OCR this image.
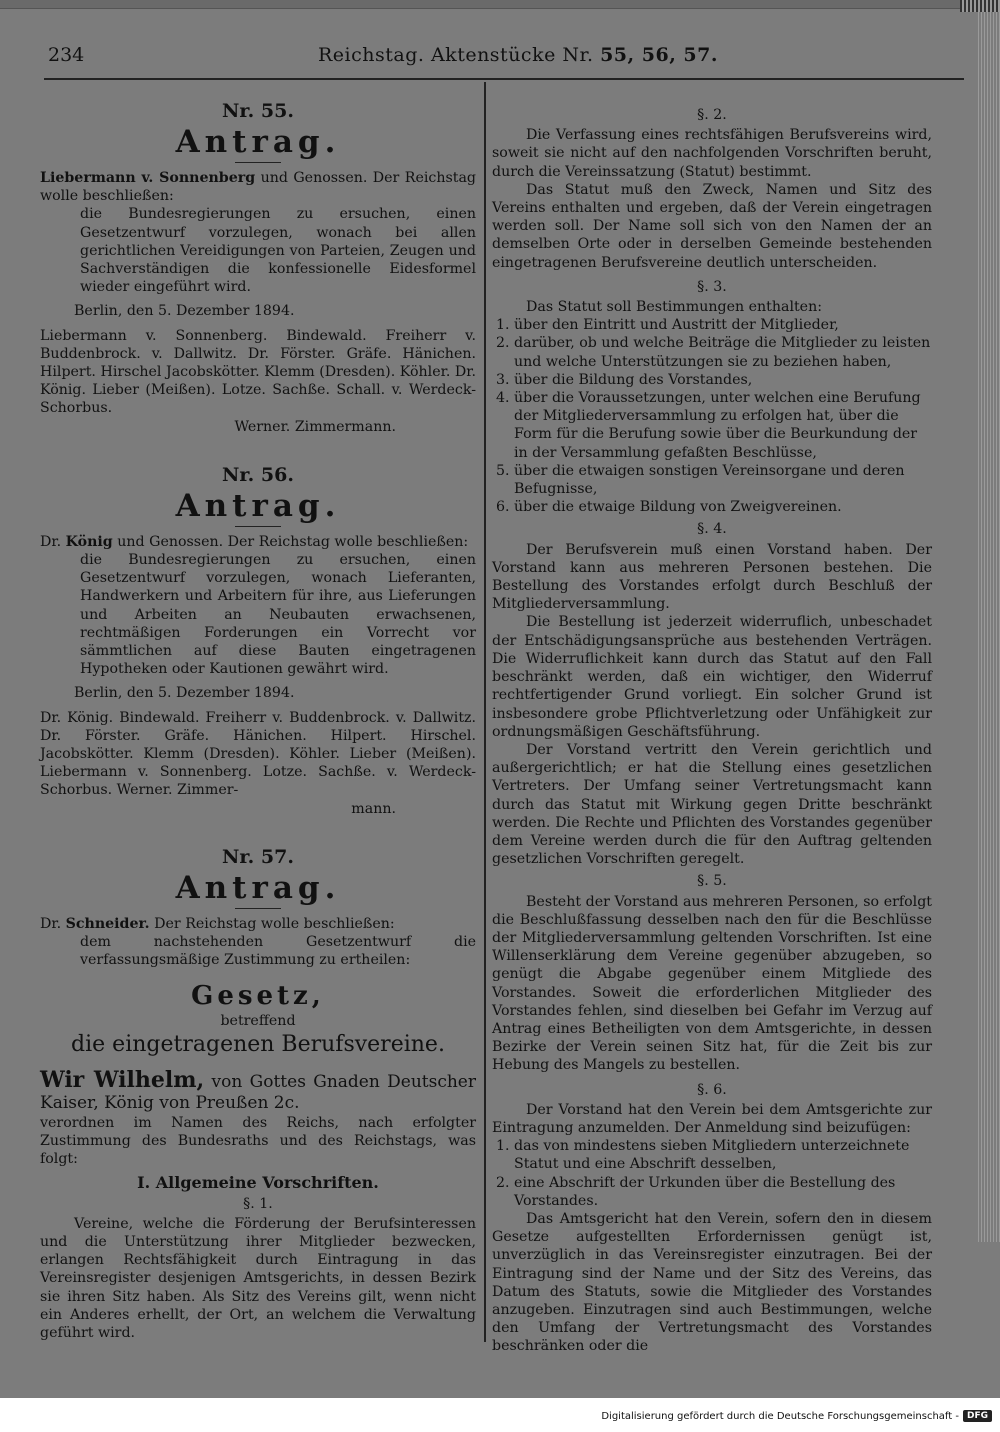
234	Reichstag. Aktenstücke Nr. 55, 56, 57.
Nr. 55.
Antrag.
Liebermann v. Sonnenberg und Genossen. Der Reichstag wolle beschließen:
die Bundesregierungen zu ersuchen, einen Gesetzentwurf vorzulegen, wonach bei allen gerichtlichen Vereidigungen von Parteien, Zeugen und Sachverständigen die konfessionelle Eidesformel wieder eingeführt wird.
Berlin, den 5. Dezember 1894.
Liebermann v. Sonnenberg. Bindewald. Freiherr v. Buddenbrock. v. Dallwitz. Dr. Förster. Gräfe. Hänichen. Hilpert. Hirschel Jacobskötter. Klemm (Dresden). Köhler. Dr. König. Lieber (Meißen). Lotze. Sachße. Schall. v. Werdeck-Schorbus.
Werner. Zimmermann.
Nr. 56.
Antrag.
Dr. König und Genossen. Der Reichstag wolle beschließen:
die Bundesregierungen zu ersuchen, einen Gesetzentwurf vorzulegen, wonach Lieferanten, Handwerkern und Arbeitern für ihre, aus Lieferungen und Arbeiten an Neubauten erwachsenen, rechtmäßigen Forderungen ein Vorrecht vor sämmtlichen auf diese Bauten eingetragenen Hypotheken oder Kautionen gewährt wird.
Berlin, den 5. Dezember 1894.
Dr. König. Bindewald. Freiherr v. Buddenbrock. v. Dallwitz. Dr. Förster. Gräfe. Hänichen. Hilpert. Hirschel. Jacobskötter. Klemm (Dresden). Köhler. Lieber (Meißen). Liebermann v. Sonnenberg. Lotze. Sachße. v. Werdeck-Schorbus. Werner. Zimmer-
mann.
Nr. 57.
Antrag.
Dr. Schneider. Der Reichstag wolle beschließen:
dem nachstehenden Gesetzentwurf die verfassungsmäßige Zustimmung zu ertheilen:
Gesetz,
betreffend
die eingetragenen Berufsvereine.
Wir Wilhelm, von Gottes Gnaden Deutscher Kaiser, König von Preußen 2c.
verordnen im Namen des Reichs, nach erfolgter Zustimmung des Bundesraths und des Reichstags, was folgt:
I. Allgemeine Vorschriften.
§. 1.
Vereine, welche die Förderung der Berufsinteressen und die Unterstützung ihrer Mitglieder bezwecken, erlangen Rechtsfähigkeit durch Eintragung in das Vereinsregister desjenigen Amtsgerichts, in dessen Bezirk sie ihren Sitz haben. Als Sitz des Vereins gilt, wenn nicht ein Anderes erhellt, der Ort, an welchem die Verwaltung geführt wird.
§. 2.
Die Verfassung eines rechtsfähigen Berufsvereins wird, soweit sie nicht auf den nachfolgenden Vorschriften beruht, durch die Vereinssatzung (Statut) bestimmt.
Das Statut muß den Zweck, Namen und Sitz des Vereins enthalten und ergeben, daß der Verein eingetragen werden soll. Der Name soll sich von den Namen der an demselben Orte oder in derselben Gemeinde bestehenden eingetragenen Berufsvereine deutlich unterscheiden.
§. 3.
Das Statut soll Bestimmungen enthalten:
1. über den Eintritt und Austritt der Mitglieder,
2. darüber, ob und welche Beiträge die Mitglieder zu leisten und welche Unterstützungen sie zu beziehen haben,
3. über die Bildung des Vorstandes,
4. über die Voraussetzungen, unter welchen eine Berufung der Mitgliederversammlung zu erfolgen hat, über die Form für die Berufung sowie über die Beurkundung der in der Versammlung gefaßten Beschlüsse,
5. über die etwaigen sonstigen Vereinsorgane und deren Befugnisse,
6. über die etwaige Bildung von Zweigvereinen.
§. 4.
Der Berufsverein muß einen Vorstand haben. Der Vorstand kann aus mehreren Personen bestehen. Die Bestellung des Vorstandes erfolgt durch Beschluß der Mitgliederversammlung.
Die Bestellung ist jederzeit widerruflich, unbeschadet der Entschädigungsansprüche aus bestehenden Verträgen. Die Widerruflichkeit kann durch das Statut auf den Fall beschränkt werden, daß ein wichtiger, den Widerruf rechtfertigender Grund vorliegt. Ein solcher Grund ist insbesondere grobe Pflichtverletzung oder Unfähigkeit zur ordnungsmäßigen Geschäftsführung.
Der Vorstand vertritt den Verein gerichtlich und außergerichtlich; er hat die Stellung eines gesetzlichen Vertreters. Der Umfang seiner Vertretungsmacht kann durch das Statut mit Wirkung gegen Dritte beschränkt werden. Die Rechte und Pflichten des Vorstandes gegenüber dem Vereine werden durch die für den Auftrag geltenden gesetzlichen Vorschriften geregelt.
§. 5.
Besteht der Vorstand aus mehreren Personen, so erfolgt die Beschlußfassung desselben nach den für die Beschlüsse der Mitgliederversammlung geltenden Vorschriften. Ist eine Willenserklärung dem Vereine gegenüber abzugeben, so genügt die Abgabe gegenüber einem Mitgliede des Vorstandes. Soweit die erforderlichen Mitglieder des Vorstandes fehlen, sind dieselben bei Gefahr im Verzug auf Antrag eines Betheiligten von dem Amtsgerichte, in dessen Bezirke der Verein seinen Sitz hat, für die Zeit bis zur Hebung des Mangels zu bestellen.
§. 6.
Der Vorstand hat den Verein bei dem Amtsgerichte zur Eintragung anzumelden. Der Anmeldung sind beizufügen:
1. das von mindestens sieben Mitgliedern unterzeichnete Statut und eine Abschrift desselben,
2. eine Abschrift der Urkunden über die Bestellung des Vorstandes.
Das Amtsgericht hat den Verein, sofern den in diesem Gesetze aufgestellten Erfordernissen genügt ist, unverzüglich in das Vereinsregister einzutragen. Bei der Eintragung sind der Name und der Sitz des Vereins, das Datum des Statuts, sowie die Mitglieder des Vorstandes anzugeben. Einzutragen sind auch Bestimmungen, welche den Umfang der Vertretungsmacht des Vorstandes beschränken oder die
Digitalisierung gefördert durch die Deutsche Forschungsgemeinschaft - DFG
